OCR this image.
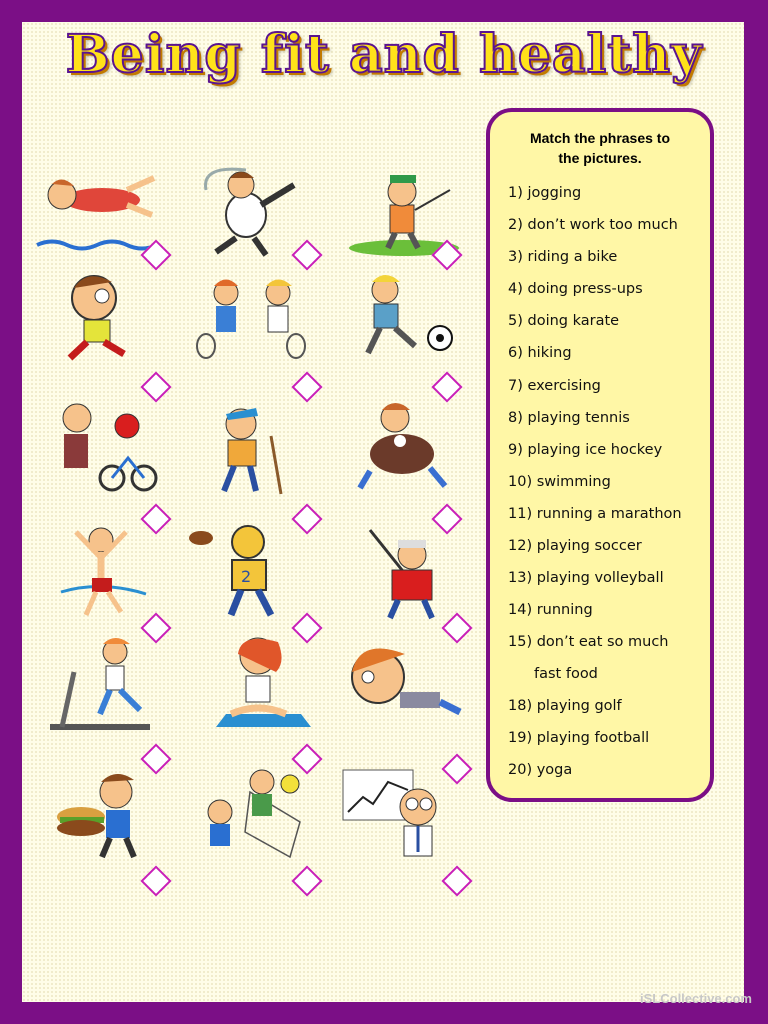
Being fit and healthy
2
Match the phrases to
the pictures.
1) jogging
2) don’t work too much
3) riding a bike
4) doing press-ups
5) doing karate
6) hiking
7) exercising
8) playing tennis
9) playing ice hockey
10) swimming
11) running a marathon
12) playing soccer
13) playing volleyball
14) running
15) don’t eat so much
fast food
18) playing golf
19) playing football
20) yoga
iSLCollective.com
